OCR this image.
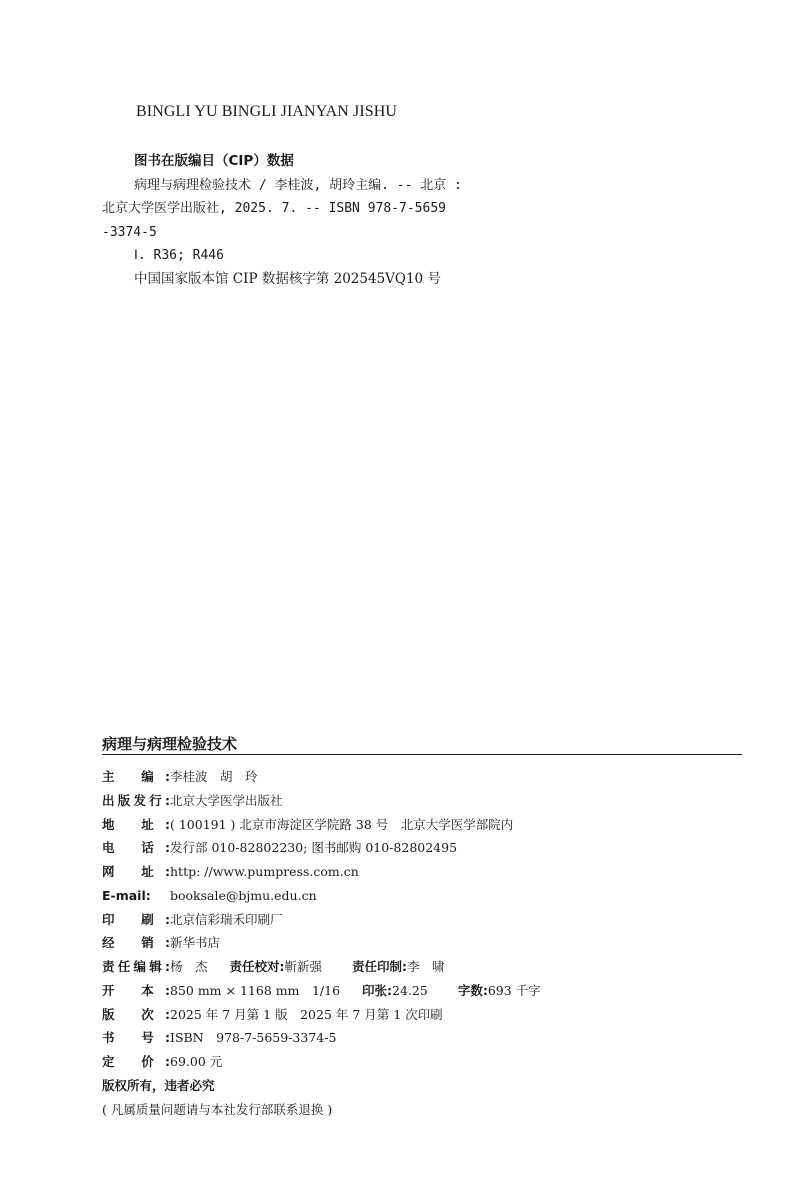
BINGLI YU BINGLI JIANYAN JISHU
图书在版编目（CIP）数据
病理与病理检验技术 / 李桂波, 胡玲主编. -- 北京 :
北京大学医学出版社, 2025. 7. -- ISBN 978-7-5659
-3374-5
Ⅰ. R36; R446
中国国家版本馆 CIP 数据核字第 202545VQ10 号
病理与病理检验技术
主 编: 李桂波　胡　玲
出版发行: 北京大学医学出版社
地 址: ( 100191 ) 北京市海淀区学院路 38 号　北京大学医学部院内
电 话: 发行部 010-82802230; 图书邮购 010-82802495
网 址: http: //www.pumpress.com.cn
E-mail:	booksale@bjmu.edu.cn
印 刷: 北京信彩瑞禾印刷厂
经 销: 新华书店
责任编辑: 杨　杰 责任校对: 靳新强 责任印制: 李　啸
开 本: 850 mm × 1168 mm　1/16 印张: 24.25 字数: 693 千字
版 次: 2025 年 7 月第 1 版　2025 年 7 月第 1 次印刷
书 号: ISBN　978-7-5659-3374-5
定 价: 69.00 元
版权所有，违者必究
( 凡属质量问题请与本社发行部联系退换 )
